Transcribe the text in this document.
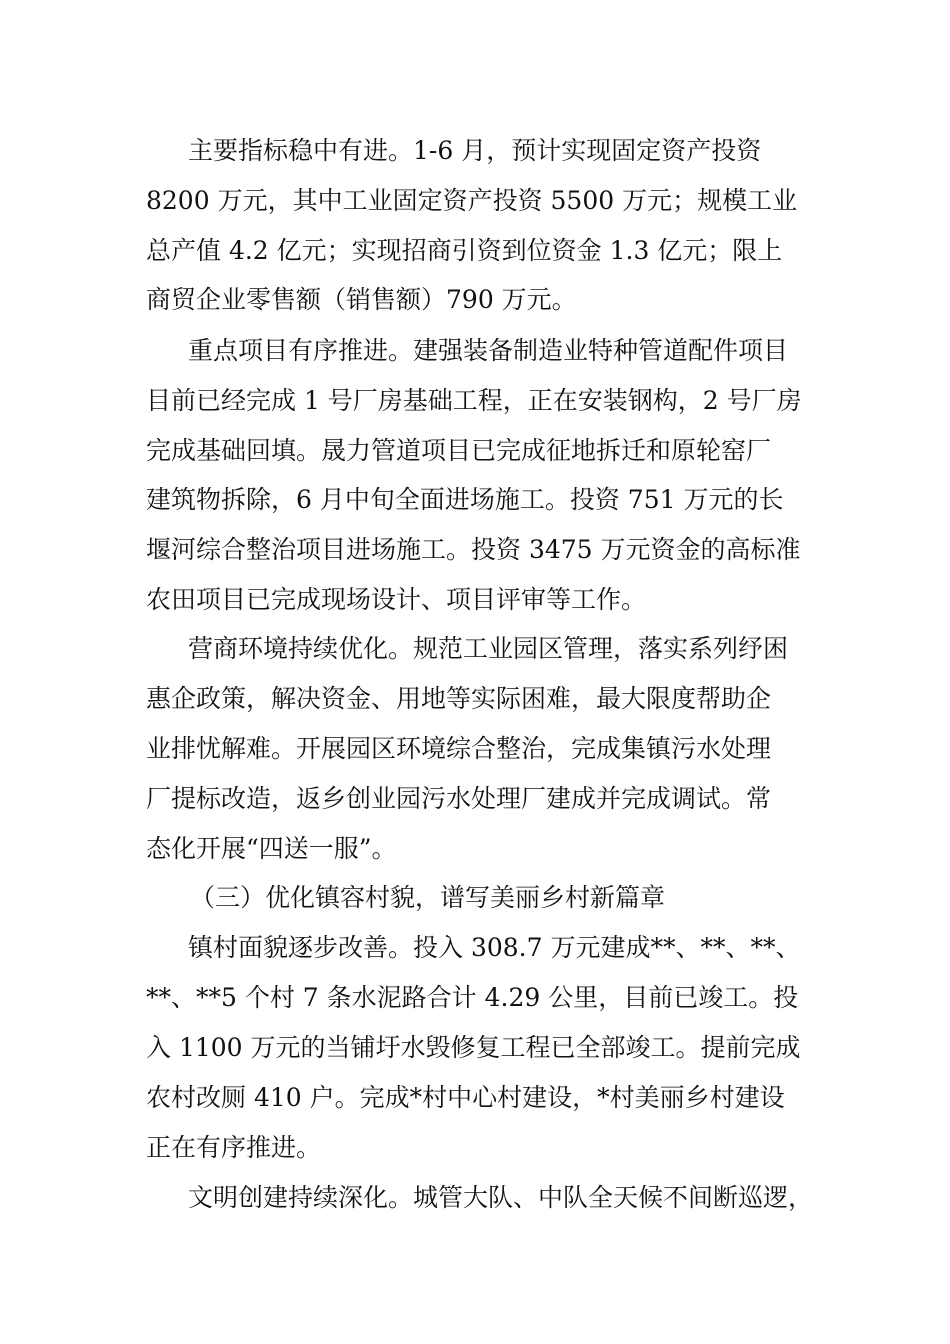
主要指标稳中有进。1-6 月，预计实现固定资产投资
8200 万元，其中工业固定资产投资 5500 万元；规模工业
总产值 4.2 亿元；实现招商引资到位资金 1.3 亿元；限上
商贸企业零售额（销售额）790 万元。
重点项目有序推进。建强装备制造业特种管道配件项目
目前已经完成 1 号厂房基础工程，正在安装钢构，2 号厂房
完成基础回填。晟力管道项目已完成征地拆迁和原轮窑厂
建筑物拆除，6 月中旬全面进场施工。投资 751 万元的长
堰河综合整治项目进场施工。投资 3475 万元资金的高标准
农田项目已完成现场设计、项目评审等工作。
营商环境持续优化。规范工业园区管理，落实系列纾困
惠企政策，解决资金、用地等实际困难，最大限度帮助企
业排忧解难。开展园区环境综合整治，完成集镇污水处理
厂提标改造，返乡创业园污水处理厂建成并完成调试。常
态化开展“四送一服”。
（三）优化镇容村貌，谱写美丽乡村新篇章
镇村面貌逐步改善。投入 308.7 万元建成**、**、**、
**、**5 个村 7 条水泥路合计 4.29 公里，目前已竣工。投
入 1100 万元的当铺圩水毁修复工程已全部竣工。提前完成
农村改厕 410 户。完成*村中心村建设，*村美丽乡村建设
正在有序推进。
文明创建持续深化。城管大队、中队全天候不间断巡逻，
